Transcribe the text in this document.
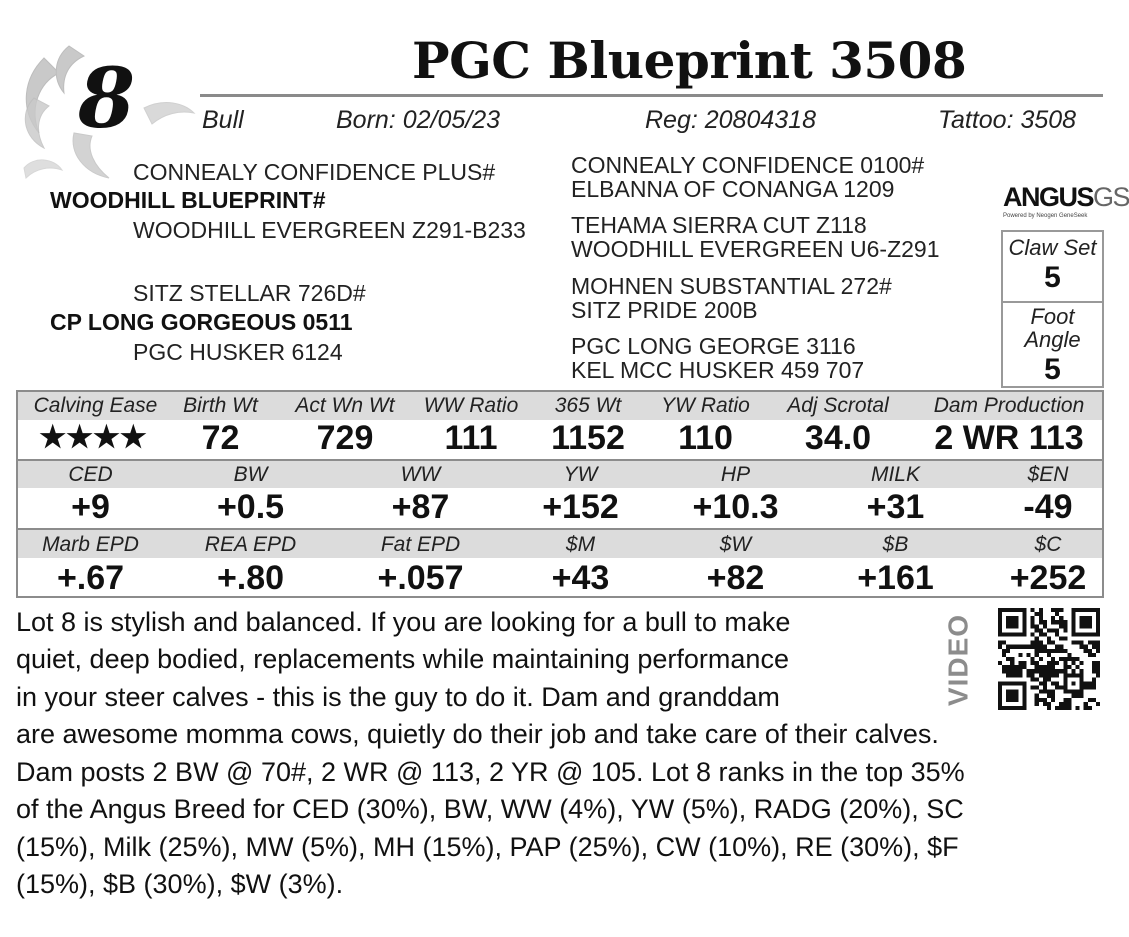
8	PGC Blueprint 3508
Bull	Born: 02/05/23	Reg: 20804318	Tattoo: 3508
CONNEALY CONFIDENCE PLUS#
WOODHILL BLUEPRINT#
WOODHILL EVERGREEN Z291-B233
SITZ STELLAR 726D#
CP LONG GORGEOUS 0511
PGC HUSKER 6124
CONNEALY CONFIDENCE 0100#
ELBANNA OF CONANGA 1209
TEHAMA SIERRA CUT Z118
WOODHILL EVERGREEN U6-Z291
MOHNEN SUBSTANTIAL 272#
SITZ PRIDE 200B
PGC LONG GEORGE 3116
KEL MCC HUSKER 459 707
ANGUSGS
Powered by Neogen GeneSeek
Claw Set
5
Foot
Angle
5
Calving Ease	Birth Wt	Act Wn Wt	WW Ratio	365 Wt	YW Ratio	Adj Scrotal	Dam Production
★★★★	72	729	111	1152	110	34.0	2 WR 113
CED	BW	WW	YW	HP	MILK	$EN
+9	+0.5	+87	+152	+10.3	+31	-49
Marb EPD	REA EPD	Fat EPD	$M	$W	$B	$C
+.67	+.80	+.057	+43	+82	+161	+252
Lot 8 is stylish and balanced. If you are looking for a bull to make
quiet, deep bodied, replacements while maintaining performance
in your steer calves - this is the guy to do it. Dam and granddam
are awesome momma cows, quietly do their job and take care of their calves.
Dam posts 2 BW @ 70#, 2 WR @ 113, 2 YR @ 105. Lot 8 ranks in the top 35%
of the Angus Breed for CED (30%), BW, WW (4%), YW (5%), RADG (20%), SC
(15%), Milk (25%), MW (5%), MH (15%), PAP (25%), CW (10%), RE (30%), $F
(15%), $B (30%), $W (3%).
VIDEO
